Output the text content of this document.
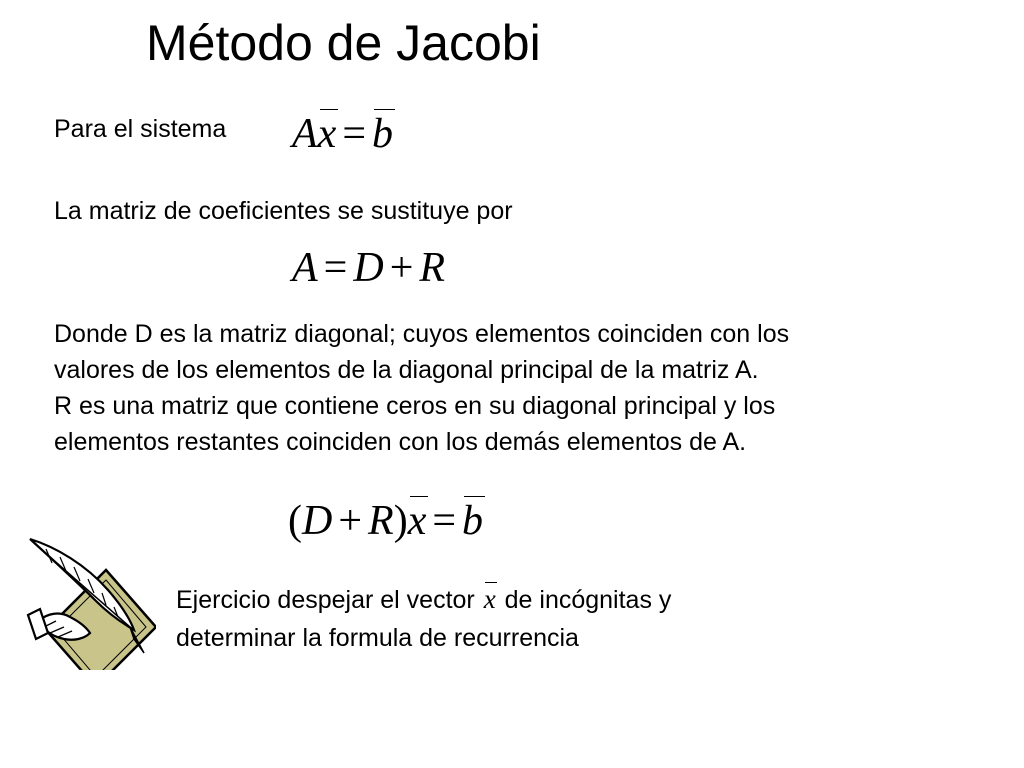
Método de Jacobi
Para el sistema Ax = b
La matriz de coeficientes se sustituye por
A = D + R
Donde D es la matriz diagonal; cuyos elementos coinciden con los
valores de los elementos de la diagonal principal de la matriz A.
R es una matriz que contiene ceros en su diagonal principal y los
elementos restantes coinciden con los demás elementos de A.
(D + R)x = b
Ejercicio despejar el vector x de incógnitas y
determinar la formula de recurrencia
